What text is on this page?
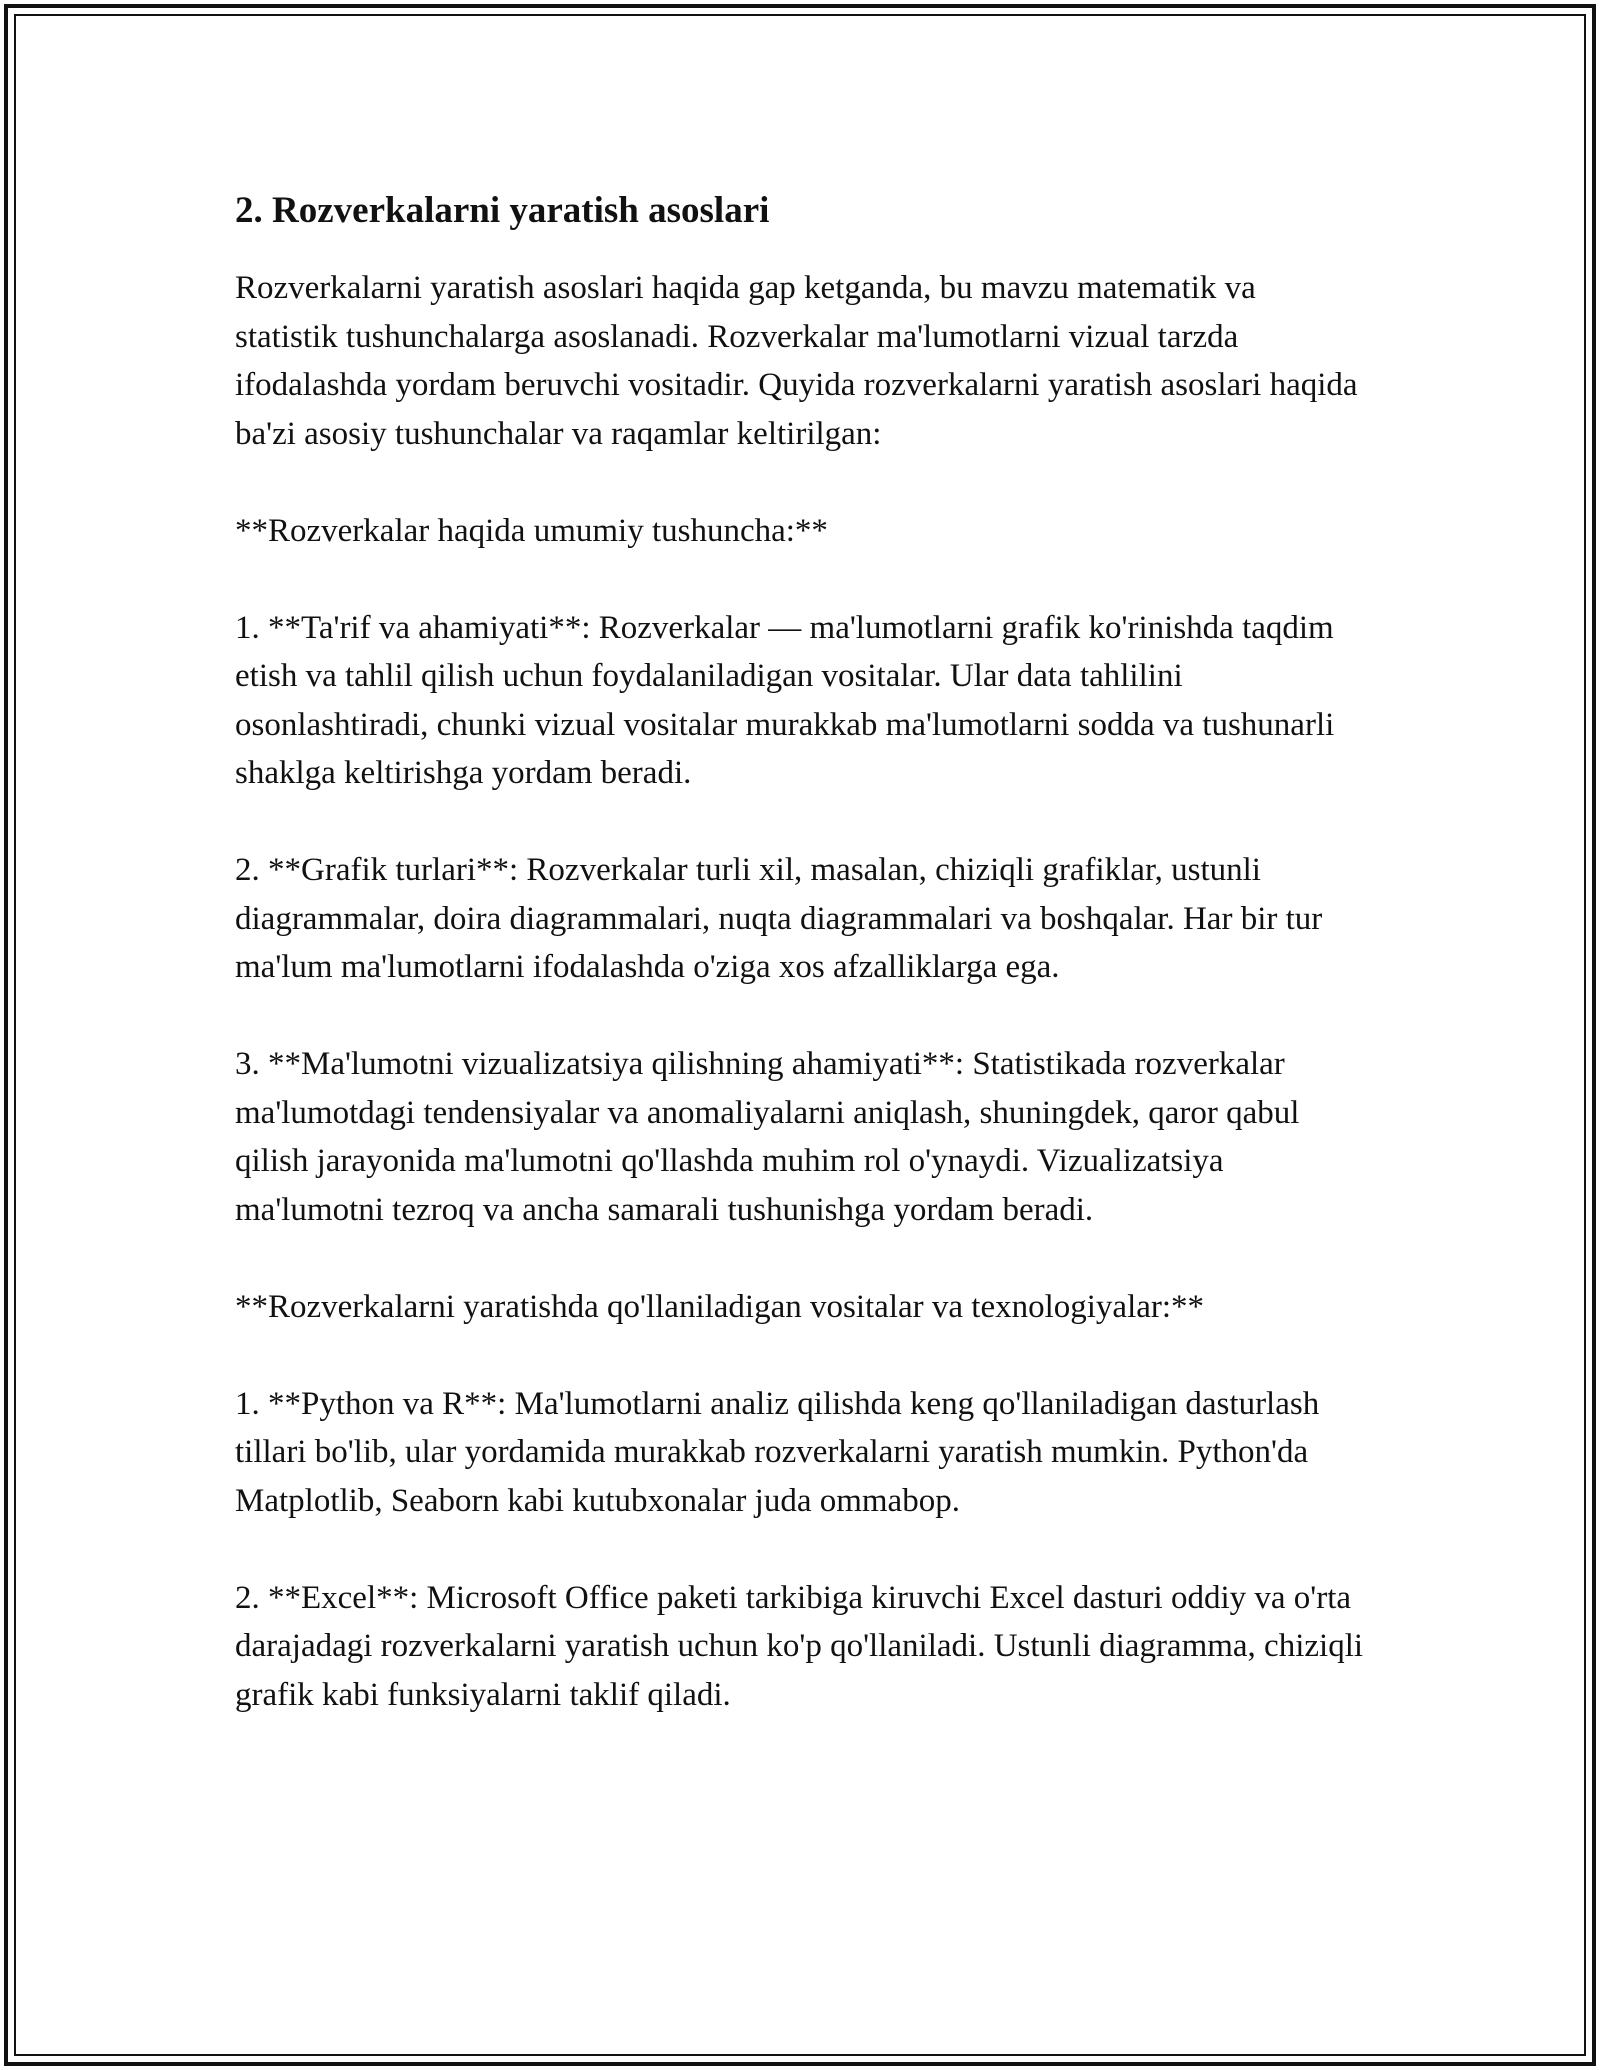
2. Rozverkalarni yaratish asoslari

Rozverkalarni yaratish asoslari haqida gap ketganda, bu mavzu matematik va statistik tushunchalarga asoslanadi. Rozverkalar ma'lumotlarni vizual tarzda ifodalashda yordam beruvchi vositadir. Quyida rozverkalarni yaratish asoslari haqida ba'zi asosiy tushunchalar va raqamlar keltirilgan:

**Rozverkalar haqida umumiy tushuncha:**

1. **Ta'rif va ahamiyati**: Rozverkalar — ma'lumotlarni grafik ko'rinishda taqdim etish va tahlil qilish uchun foydalaniladigan vositalar. Ular data tahlilini osonlashtiradi, chunki vizual vositalar murakkab ma'lumotlarni sodda va tushunarli shaklga keltirishga yordam beradi.

2. **Grafik turlari**: Rozverkalar turli xil, masalan, chiziqli grafiklar, ustunli diagrammalar, doira diagrammalari, nuqta diagrammalari va boshqalar. Har bir tur ma'lum ma'lumotlarni ifodalashda o'ziga xos afzalliklarga ega.

3. **Ma'lumotni vizualizatsiya qilishning ahamiyati**: Statistikada rozverkalar ma'lumotdagi tendensiyalar va anomaliyalarni aniqlash, shuningdek, qaror qabul qilish jarayonida ma'lumotni qo'llashda muhim rol o'ynaydi. Vizualizatsiya ma'lumotni tezroq va ancha samarali tushunishga yordam beradi.

**Rozverkalarni yaratishda qo'llaniladigan vositalar va texnologiyalar:**

1. **Python va R**: Ma'lumotlarni analiz qilishda keng qo'llaniladigan dasturlash tillari bo'lib, ular yordamida murakkab rozverkalarni yaratish mumkin. Python'da Matplotlib, Seaborn kabi kutubxonalar juda ommabop.

2. **Excel**: Microsoft Office paketi tarkibiga kiruvchi Excel dasturi oddiy va o'rta darajadagi rozverkalarni yaratish uchun ko'p qo'llaniladi. Ustunli diagramma, chiziqli grafik kabi funksiyalarni taklif qiladi.
